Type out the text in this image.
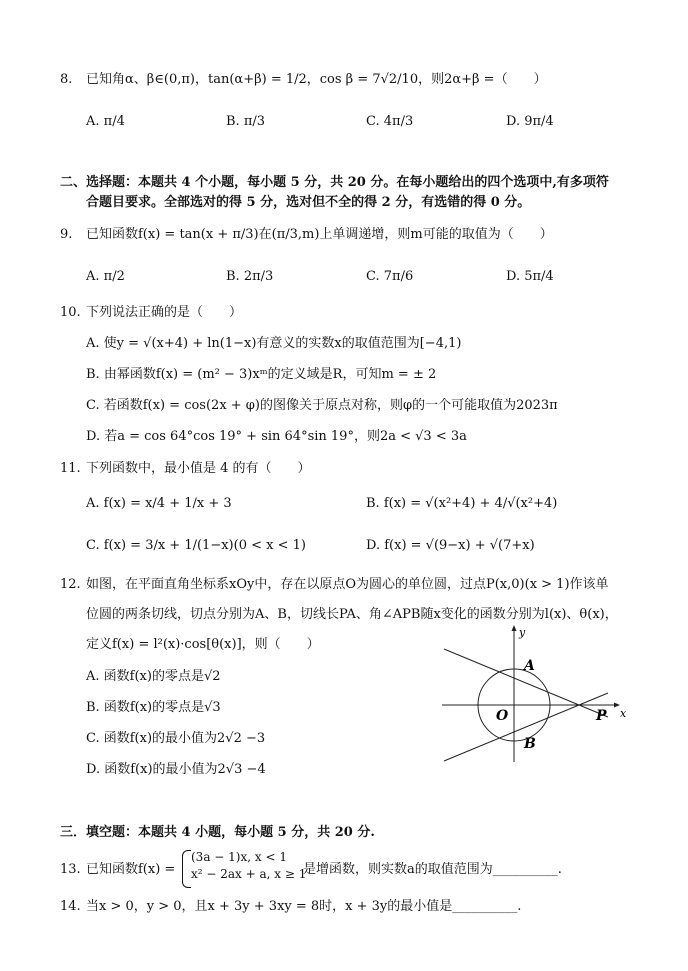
8. 已知角α、β∈(0,π)，tan(α+β) = 1/2，cos β = 7√2/10，则2α+β =（　　）
A. π/4	B. π/3	C. 4π/3	D. 9π/4
二、选择题：本题共 4 个小题，每小题 5 分，共 20 分。在每小题给出的四个选项中,有多项符
合题目要求。全部选对的得 5 分，选对但不全的得 2 分，有选错的得 0 分。
9. 已知函数f(x) = tan(x + π/3)在(π/3,m)上单调递增，则m可能的取值为（　　）
A. π/2	B. 2π/3	C. 7π/6	D. 5π/4
10. 下列说法正确的是（　　）
A. 使y = √(x+4) + ln(1−x)有意义的实数x的取值范围为[−4,1)
B. 由幂函数f(x) = (m² − 3)xᵐ的定义域是R，可知m = ± 2
C. 若函数f(x) = cos(2x + φ)的图像关于原点对称，则φ的一个可能取值为2023π
D. 若a = cos 64°cos 19° + sin 64°sin 19°，则2a < √3 < 3a
11. 下列函数中，最小值是 4 的有（　　）
A. f(x) = x/4 + 1/x + 3	B. f(x) = √(x²+4) + 4/√(x²+4)
C. f(x) = 3/x + 1/(1−x)(0 < x < 1)	D. f(x) = √(9−x) + √(7+x)
12. 如图，在平面直角坐标系xOy中，存在以原点O为圆心的单位圆，过点P(x,0)(x > 1)作该单
位圆的两条切线，切点分别为A、B，切线长PA、角∠APB随x变化的函数分别为l(x)、θ(x)，
定义f(x) = l²(x)·cos[θ(x)]，则（　　）
A. 函数f(x)的零点是√2
B. 函数f(x)的零点是√3
C. 函数f(x)的最小值为2√2 −3
D. 函数f(x)的最小值为2√3 −4
y
x
A
O	P
B
三．填空题：本题共 4 小题，每小题 5 分，共 20 分.
13. 已知函数f(x) =
(3a − 1)x, x < 1
x² − 2ax + a, x ≥ 1
是增函数，则实数a的取值范围为__________.
14. 当x > 0，y > 0，且x + 3y + 3xy = 8时，x + 3y的最小值是__________.
